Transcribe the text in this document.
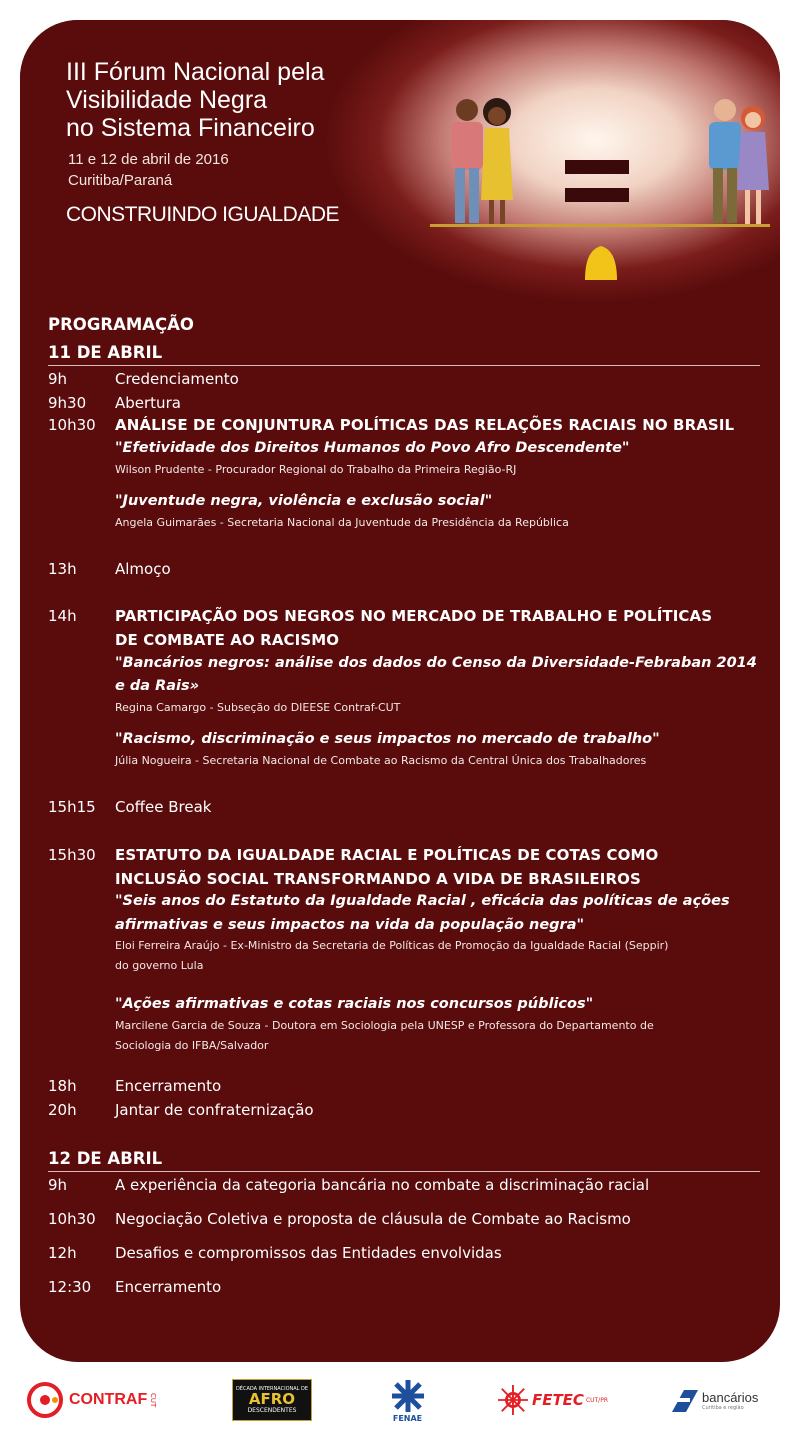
III Fórum Nacional pela
Visibilidade Negra
no Sistema Financeiro
11 e 12 de abril de 2016
Curitiba/Paraná
CONSTRUINDO IGUALDADE
PROGRAMAÇÃO
11 DE ABRIL
9h	Credenciamento
9h30 Abertura
10h30 ANÁLISE DE CONJUNTURA POLÍTICAS DAS RELAÇÕES RACIAIS NO BRASIL
"Efetividade dos Direitos Humanos do Povo Afro Descendente"
Wilson Prudente - Procurador Regional do Trabalho da Primeira Região-RJ
"Juventude negra, violência e exclusão social"
Angela Guimarães - Secretaria Nacional da Juventude da Presidência da República
13h	Almoço
14h	PARTICIPAÇÃO DOS NEGROS NO MERCADO DE TRABALHO E POLÍTICAS
DE COMBATE AO RACISMO
"Bancários negros: análise dos dados do Censo da Diversidade-Febraban 2014
e da Rais»
Regina Camargo - Subseção do DIEESE Contraf-CUT
"Racismo, discriminação e seus impactos no mercado de trabalho"
Júlia Nogueira - Secretaria Nacional de Combate ao Racismo da Central Única dos Trabalhadores
15h15 Coffee Break
15h30 ESTATUTO DA IGUALDADE RACIAL E POLÍTICAS DE COTAS COMO
INCLUSÃO SOCIAL TRANSFORMANDO A VIDA DE BRASILEIROS
"Seis anos do Estatuto da Igualdade Racial , eficácia das políticas de ações
afirmativas e seus impactos na vida da população negra"
Eloi Ferreira Araújo - Ex-Ministro da Secretaria de Políticas de Promoção da Igualdade Racial (Seppir)
do governo Lula
"Ações afirmativas e cotas raciais nos concursos públicos"
Marcilene Garcia de Souza - Doutora em Sociologia pela UNESP e Professora do Departamento de
Sociologia do IFBA/Salvador
18h	Encerramento
20h	Jantar de confraternização
12 DE ABRIL
9h	A experiência da categoria bancária no combate a discriminação racial
10h30 Negociação Coletiva e proposta de cláusula de Combate ao Racismo
12h	Desafios e compromissos das Entidades envolvidas
12:30 Encerramento
CONTRAF CUT
DÉCADA INTERNACIONAL DE
AFRO
DESCENDENTES
FENAE
FETEC CUT/PR	bancários
Curitiba e região
